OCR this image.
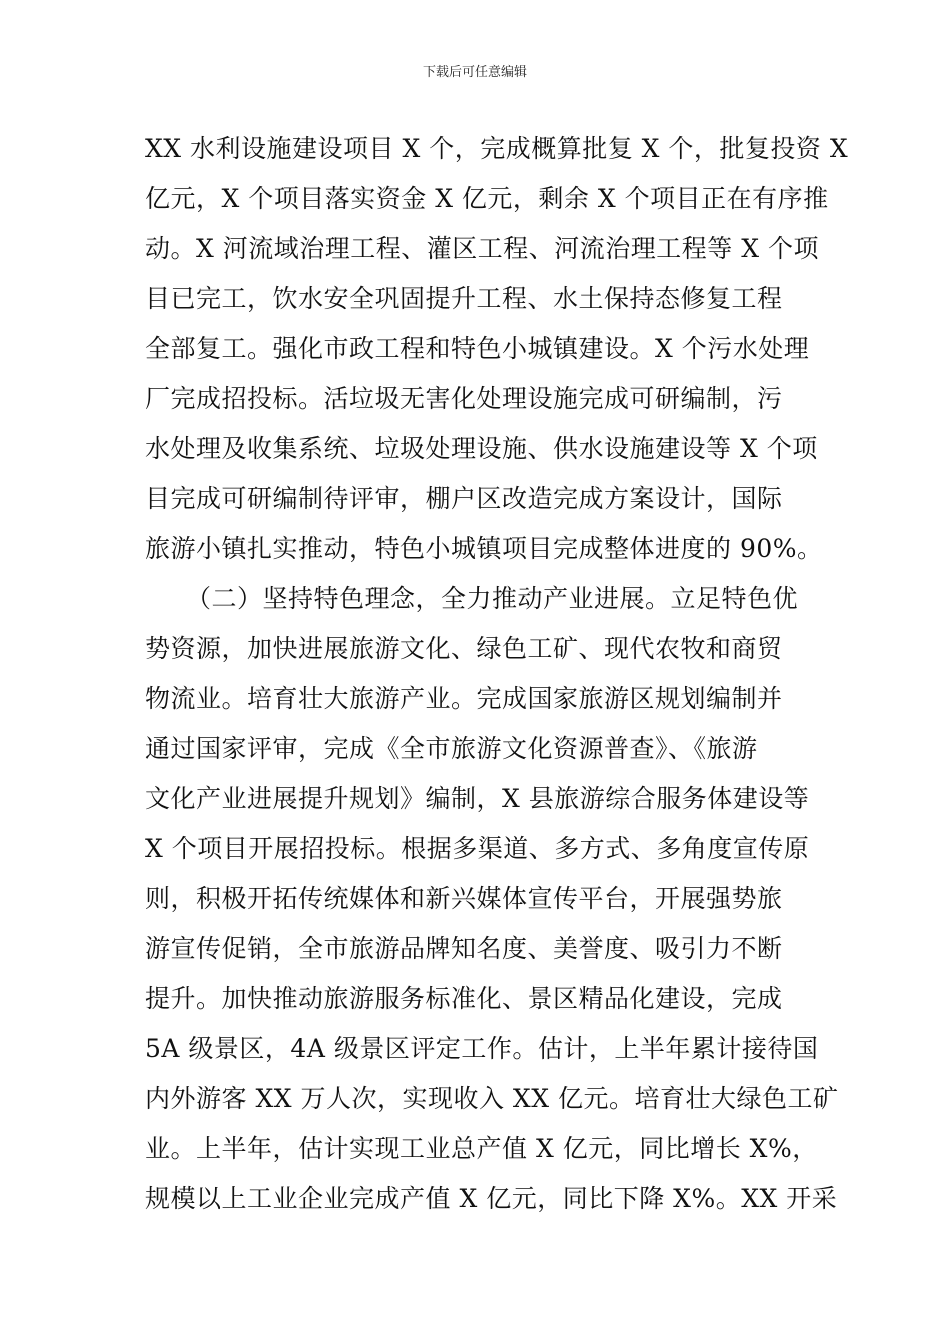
下载后可任意编辑
XX 水利设施建设项目 X 个，完成概算批复 X 个，批复投资 X
亿元，X 个项目落实资金 X 亿元，剩余 X 个项目正在有序推
动。X 河流域治理工程、灌区工程、河流治理工程等 X 个项
目已完工，饮水安全巩固提升工程、水土保持态修复工程
全部复工。强化市政工程和特色小城镇建设。X 个污水处理
厂完成招投标。活垃圾无害化处理设施完成可研编制，污
水处理及收集系统、垃圾处理设施、供水设施建设等 X 个项
目完成可研编制待评审，棚户区改造完成方案设计，国际
旅游小镇扎实推动，特色小城镇项目完成整体进度的 90%。
（二）坚持特色理念，全力推动产业进展。立足特色优
势资源，加快进展旅游文化、绿色工矿、现代农牧和商贸
物流业。培育壮大旅游产业。完成国家旅游区规划编制并
通过国家评审，完成《全市旅游文化资源普查》、《旅游
文化产业进展提升规划》编制，X 县旅游综合服务体建设等
X 个项目开展招投标。根据多渠道、多方式、多角度宣传原
则，积极开拓传统媒体和新兴媒体宣传平台，开展强势旅
游宣传促销，全市旅游品牌知名度、美誉度、吸引力不断
提升。加快推动旅游服务标准化、景区精品化建设，完成
5A 级景区，4A 级景区评定工作。估计，上半年累计接待国
内外游客 XX 万人次，实现收入 XX 亿元。培育壮大绿色工矿
业。上半年，估计实现工业总产值 X 亿元，同比增长 X%，
规模以上工业企业完成产值 X 亿元，同比下降 X%。XX 开采
